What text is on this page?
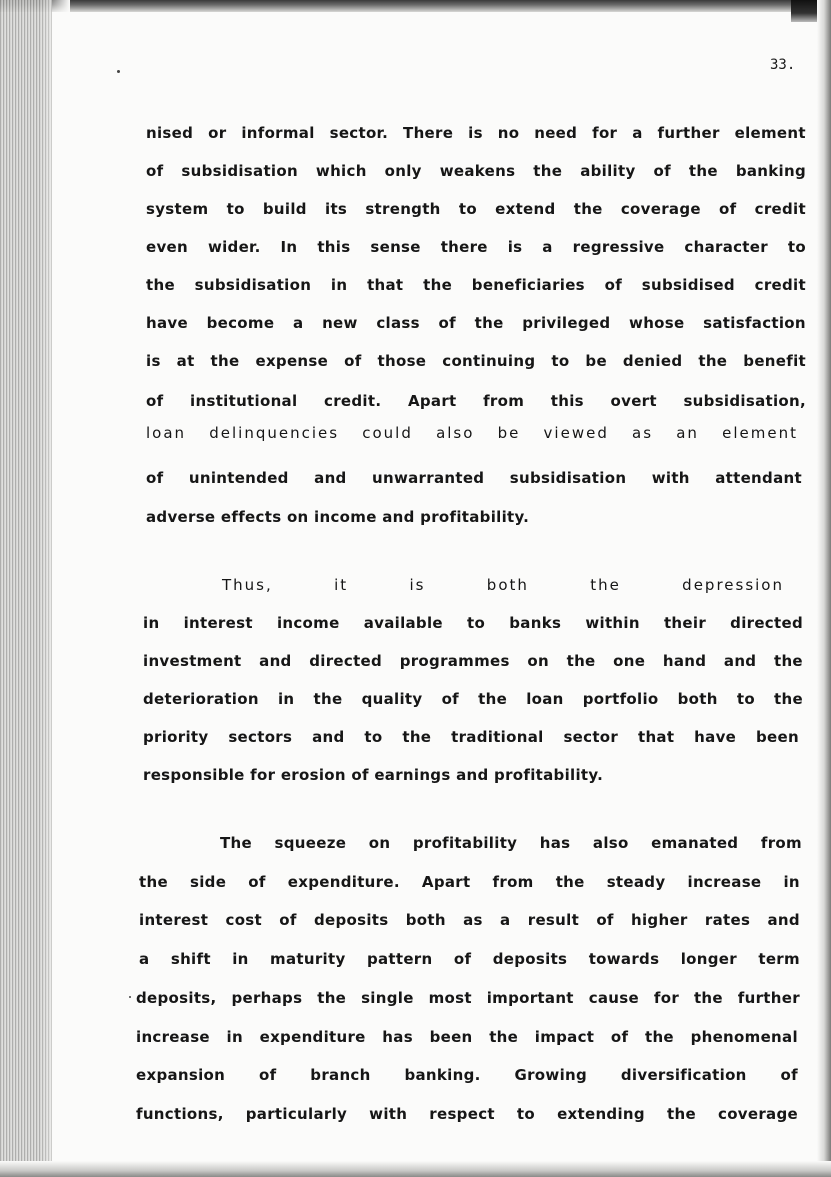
33.
nised or informal sector. There is no need for a further element
of subsidisation which only weakens the ability of the banking
system to build its strength to extend the coverage of credit
even wider. In this sense there is a regressive character to
the subsidisation in that the beneficiaries of subsidised credit
have become a new class of the privileged whose satisfaction
is at the expense of those continuing to be denied the benefit
of institutional credit. Apart from this overt subsidisation,
loan delinquencies could also be viewed as an element
of unintended and unwarranted subsidisation with attendant
adverse effects on income and profitability.
Thus,	it	is	both	the	depression
in interest income available to banks within their directed
investment and directed programmes on the one hand and the
deterioration in the quality of the loan portfolio both to the
priority sectors and to the traditional sector that have been
responsible for erosion of earnings and profitability.
The squeeze on profitability has also emanated from
the side of expenditure. Apart from the steady increase in
interest cost of deposits both as a result of higher rates and
a shift in maturity pattern of deposits towards longer term
deposits, perhaps the single most important cause for the further
increase in expenditure has been the impact of the phenomenal
expansion of branch banking. Growing diversification of
functions, particularly with respect to extending the coverage
